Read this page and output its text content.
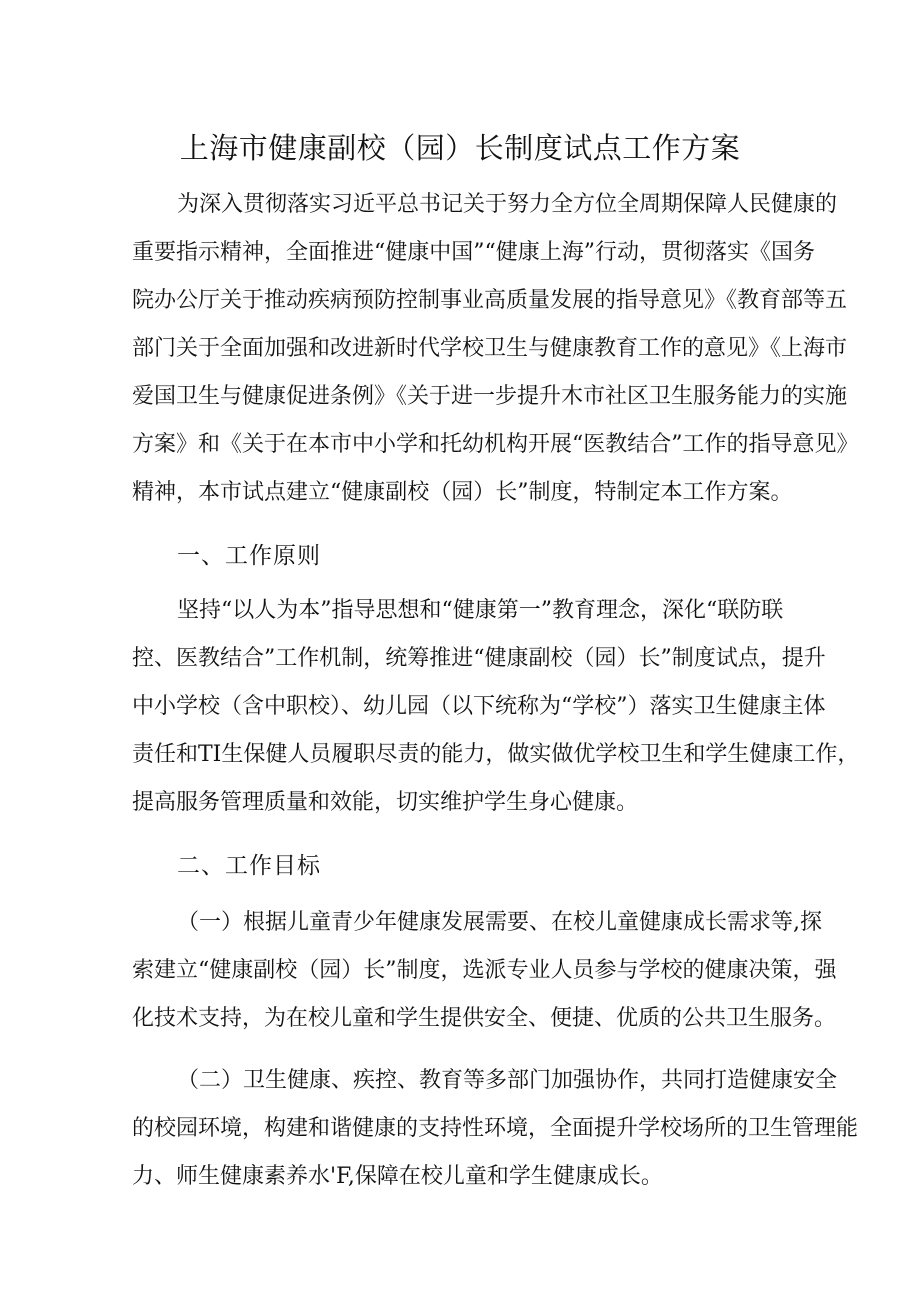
上海市健康副校（园）长制度试点工作方案
为深入贯彻落实习近平总书记关于努力全方位全周期保障人民健康的
重要指示精神，全面推进“健康中国”“健康上海”行动，贯彻落实《国务
院办公厅关于推动疾病预防控制事业高质量发展的指导意见》《教育部等五
部门关于全面加强和改进新时代学校卫生与健康教育工作的意见》《上海市
爱国卫生与健康促进条例》《关于进一步提升木市社区卫生服务能力的实施
方案》和《关于在本市中小学和托幼机构开展“医教结合”工作的指导意见》
精神，本市试点建立“健康副校（园）长”制度，特制定本工作方案。
一、工作原则
坚持“以人为本”指导思想和“健康第一”教育理念，深化“联防联
控、医教结合”工作机制，统筹推进“健康副校（园）长”制度试点，提升
中小学校（含中职校）、幼儿园（以下统称为“学校”）落实卫生健康主体
责任和TI生保健人员履职尽责的能力，做实做优学校卫生和学生健康工作，
提高服务管理质量和效能，切实维护学生身心健康。
二、工作目标
（一）根据儿童青少年健康发展需要、在校儿童健康成长需求等,探
索建立“健康副校（园）长”制度，选派专业人员参与学校的健康决策，强
化技术支持，为在校儿童和学生提供安全、便捷、优质的公共卫生服务。
（二）卫生健康、疾控、教育等多部门加强协作，共同打造健康安全
的校园环境，构建和谐健康的支持性环境，全面提升学校场所的卫生管理能
力、师生健康素养水'F,保障在校儿童和学生健康成长。
